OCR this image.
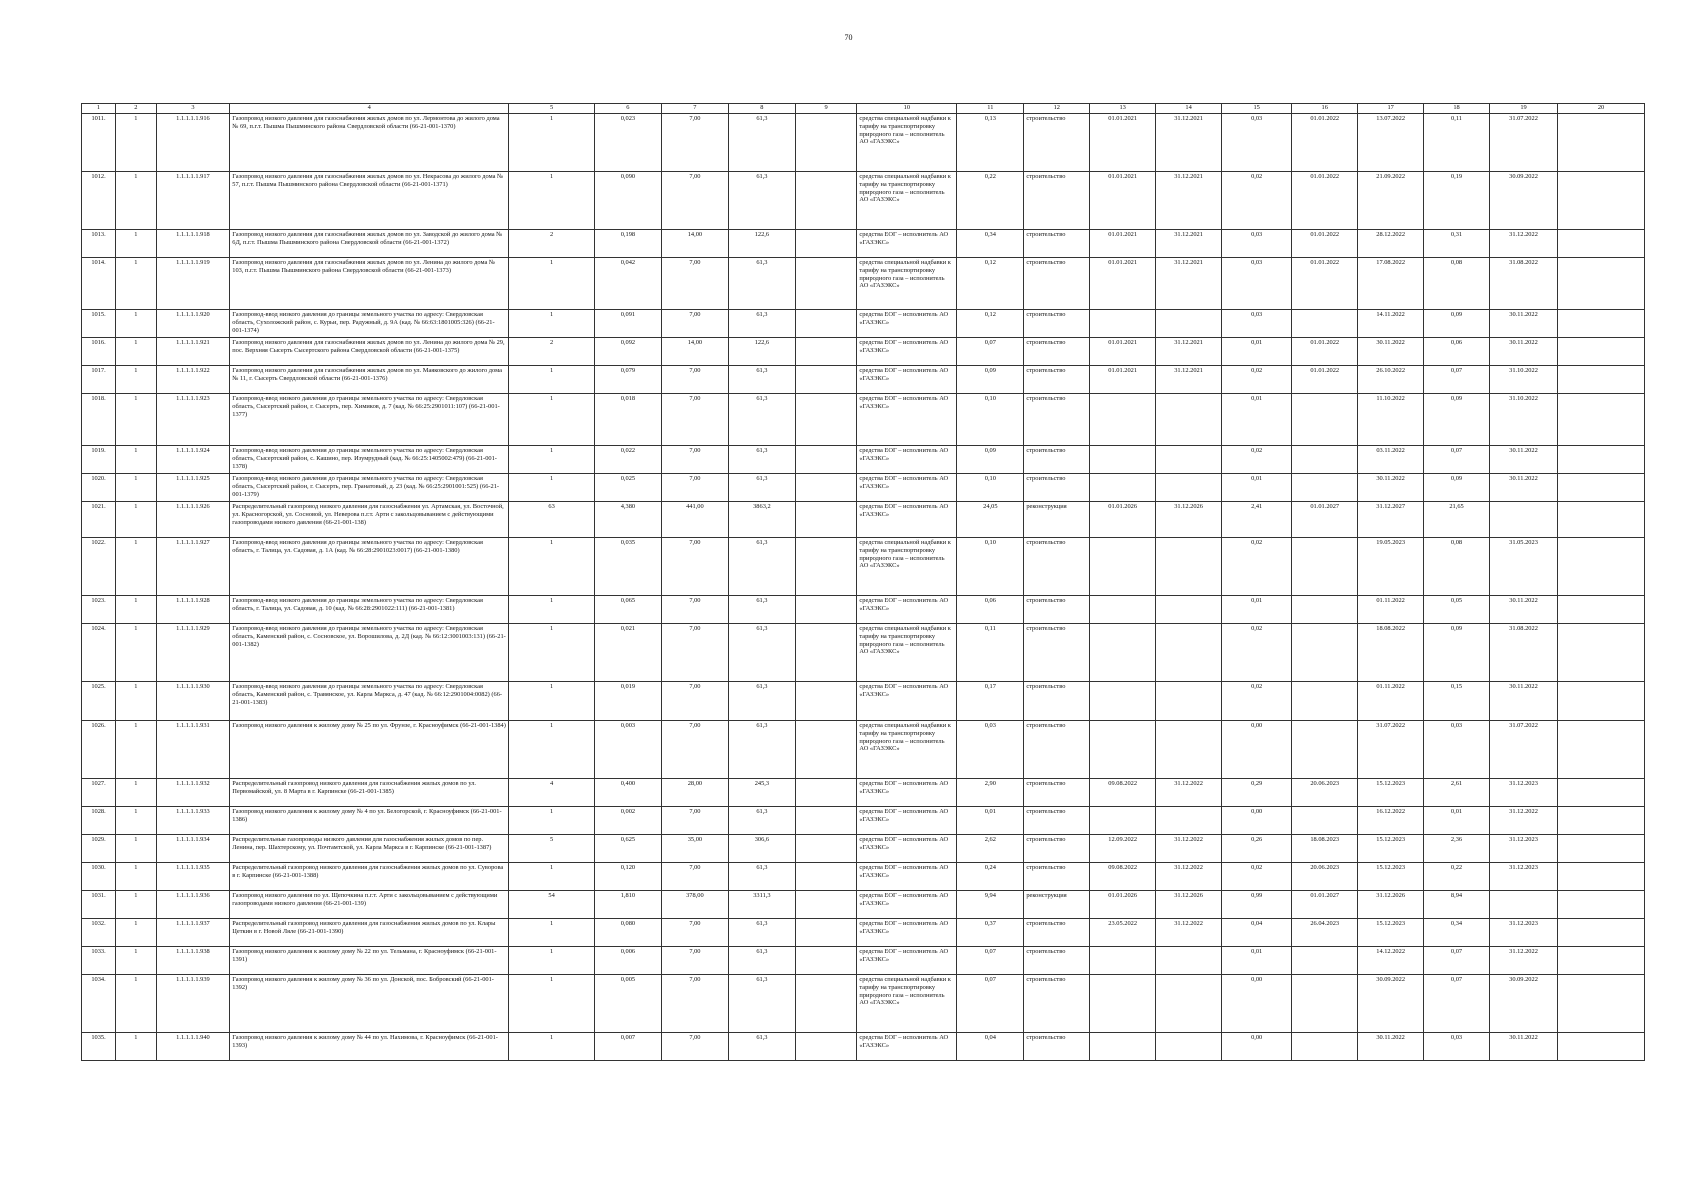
70
1	2	3	4	5	6	7	8	9	10	11	12	13	14	15	16	17	18	19	20
1011.	1	1.1.1.1.1.916	Газопровод низкого давления для газоснабжения жилых домов по ул. Лермонтова до жилого дома № 69, п.г.т. Пышма Пышминского района Свердловской области (66-21-001-1370)	1	0,023	7,00	61,3		средства специальной надбавки к тарифу на транспортировку природного газа – исполнитель АО «ГАЗЭКС»	0,13	строительство	01.01.2021	31.12.2021	0,03	01.01.2022	13.07.2022	0,11	31.07.2022	
1012.	1	1.1.1.1.1.917	Газопровод низкого давления для газоснабжения жилых домов по ул. Некрасова до жилого дома № 57, п.г.т. Пышма Пышминского района Свердловской области (66-21-001-1371)	1	0,090	7,00	61,3		средства специальной надбавки к тарифу на транспортировку природного газа – исполнитель АО «ГАЗЭКС»	0,22	строительство	01.01.2021	31.12.2021	0,02	01.01.2022	21.09.2022	0,19	30.09.2022	
1013.	1	1.1.1.1.1.918	Газопровод низкого давления для газоснабжения жилых домов по ул. Заводской до жилого дома № 6Д, п.г.т. Пышма Пышминского района Свердловской области (66-21-001-1372)	2	0,198	14,00	122,6		средства ЕОГ – исполнитель АО «ГАЗЭКС»	0,34	строительство	01.01.2021	31.12.2021	0,03	01.01.2022	28.12.2022	0,31	31.12.2022	
1014.	1	1.1.1.1.1.919	Газопровод низкого давления для газоснабжения жилых домов по ул. Ленина до жилого дома № 103, п.г.т. Пышма Пышминского района Свердловской области (66-21-001-1373)	1	0,042	7,00	61,3		средства специальной надбавки к тарифу на транспортировку природного газа – исполнитель АО «ГАЗЭКС»	0,12	строительство	01.01.2021	31.12.2021	0,03	01.01.2022	17.08.2022	0,08	31.08.2022	
1015.	1	1.1.1.1.1.920	Газопровод-ввод низкого давления до границы земельного участка по адресу: Свердловская область, Сухоложский район, с. Курьи, пер. Радужный, д. 9А (кад. № 66:63:1801005:326) (66-21-001-1374)	1	0,091	7,00	61,3		средства ЕОГ – исполнитель АО «ГАЗЭКС»	0,12	строительство			0,03		14.11.2022	0,09	30.11.2022	
1016.	1	1.1.1.1.1.921	Газопровод низкого давления для газоснабжения жилых домов по ул. Ленина до жилого дома № 29, пос. Верхняя Сысерть Сысертского района Свердловской области (66-21-001-1375)	2	0,092	14,00	122,6		средства ЕОГ – исполнитель АО «ГАЗЭКС»	0,07	строительство	01.01.2021	31.12.2021	0,01	01.01.2022	30.11.2022	0,06	30.11.2022	
1017.	1	1.1.1.1.1.922	Газопровод низкого давления для газоснабжения жилых домов по ул. Маяковского до жилого дома № 11, г. Сысерть Свердловской области (66-21-001-1376)	1	0,079	7,00	61,3		средства ЕОГ – исполнитель АО «ГАЗЭКС»	0,09	строительство	01.01.2021	31.12.2021	0,02	01.01.2022	26.10.2022	0,07	31.10.2022	
1018.	1	1.1.1.1.1.923	Газопровод-ввод низкого давления до границы земельного участка по адресу: Свердловская область, Сысертский район, г. Сысерть, пер. Химиков, д. 7 (кад. № 66:25:2901011:107) (66-21-001-1377)	1	0,018	7,00	61,3		средства ЕОГ – исполнитель АО «ГАЗЭКС»	0,10	строительство			0,01		11.10.2022	0,09	31.10.2022	
1019.	1	1.1.1.1.1.924	Газопровод-ввод низкого давления до границы земельного участка по адресу: Свердловская область, Сысертский район, с. Кашино, пер. Изумрудный (кад. № 66:25:1405002:479) (66-21-001-1378)	1	0,022	7,00	61,3		средства ЕОГ – исполнитель АО «ГАЗЭКС»	0,09	строительство			0,02		03.11.2022	0,07	30.11.2022	
1020.	1	1.1.1.1.1.925	Газопровод-ввод низкого давления до границы земельного участка по адресу: Свердловская область, Сысертский район, г. Сысерть, пер. Гранатовый, д. 23 (кад. № 66:25:2901001:525) (66-21-001-1379)	1	0,025	7,00	61,3		средства ЕОГ – исполнитель АО «ГАЗЭКС»	0,10	строительство			0,01		30.11.2022	0,09	30.11.2022	
1021.	1	1.1.1.1.1.926	Распределительный газопровод низкого давления для газоснабжения ул. Артамская, ул. Восточной, ул. Красногорской, ул. Сосновой, ул. Неверова п.г.т. Арти с закольцовыванием с действующими газопроводами низкого давления (66-21-001-138)	63	4,380	441,00	3863,2		средства ЕОГ – исполнитель АО «ГАЗЭКС»	24,05	реконструкция	01.01.2026	31.12.2026	2,41	01.01.2027	31.12.2027	21,65		
1022.	1	1.1.1.1.1.927	Газопровод-ввод низкого давления до границы земельного участка по адресу: Свердловская область, г. Талица, ул. Садовая, д. 1А (кад. № 66:28:2901023:0017) (66-21-001-1380)	1	0,035	7,00	61,3		средства специальной надбавки к тарифу на транспортировку природного газа – исполнитель АО «ГАЗЭКС»	0,10	строительство			0,02		19.05.2023	0,08	31.05.2023	
1023.	1	1.1.1.1.1.928	Газопровод-ввод низкого давления до границы земельного участка по адресу: Свердловская область, г. Талица, ул. Садовая, д. 10 (кад. № 66:28:2901022:111) (66-21-001-1381)	1	0,065	7,00	61,3		средства ЕОГ – исполнитель АО «ГАЗЭКС»	0,06	строительство			0,01		01.11.2022	0,05	30.11.2022	
1024.	1	1.1.1.1.1.929	Газопровод-ввод низкого давления до границы земельного участка по адресу: Свердловская область, Каменский район, с. Сосновское, ул. Ворошилова, д. 2Д (кад. № 66:12:3001003:131) (66-21-001-1382)	1	0,021	7,00	61,3		средства специальной надбавки к тарифу на транспортировку природного газа – исполнитель АО «ГАЗЭКС»	0,11	строительство			0,02		18.08.2022	0,09	31.08.2022	
1025.	1	1.1.1.1.1.930	Газопровод-ввод низкого давления до границы земельного участка по адресу: Свердловская область, Каменский район, с. Травянское, ул. Карла Маркса, д. 47 (кад. № 66:12:2901004:0082) (66-21-001-1383)	1	0,019	7,00	61,3		средства ЕОГ – исполнитель АО «ГАЗЭКС»	0,17	строительство			0,02		01.11.2022	0,15	30.11.2022	
1026.	1	1.1.1.1.1.931	Газопровод низкого давления к жилому дому № 25 по ул. Фрунзе, г. Красноуфимск (66-21-001-1384)	1	0,003	7,00	61,3		средства специальной надбавки к тарифу на транспортировку природного газа – исполнитель АО «ГАЗЭКС»	0,03	строительство			0,00		31.07.2022	0,03	31.07.2022	
1027.	1	1.1.1.1.1.932	Распределительный газопровод низкого давления для газоснабжения жилых домов по ул. Первомайской, ул. 8 Марта в г. Карпинске (66-21-001-1385)	4	0,400	28,00	245,3		средства ЕОГ – исполнитель АО «ГАЗЭКС»	2,90	строительство	09.08.2022	31.12.2022	0,29	20.06.2023	15.12.2023	2,61	31.12.2023	
1028.	1	1.1.1.1.1.933	Газопровод низкого давления к жилому дому № 4 по ул. Белогорской, г. Красноуфимск (66-21-001-1386)	1	0,002	7,00	61,3		средства ЕОГ – исполнитель АО «ГАЗЭКС»	0,01	строительство			0,00		16.12.2022	0,01	31.12.2022	
1029.	1	1.1.1.1.1.934	Распределительные газопроводы низкого давления для газоснабжения жилых домов по пер. Ленина, пер. Шахтерскому, ул. Почтамтской, ул. Карла Маркса в г. Карпинске (66-21-001-1387)	5	0,625	35,00	306,6		средства ЕОГ – исполнитель АО «ГАЗЭКС»	2,62	строительство	12.09.2022	31.12.2022	0,26	18.08.2023	15.12.2023	2,36	31.12.2023	
1030.	1	1.1.1.1.1.935	Распределительный газопровод низкого давления для газоснабжения жилых домов по ул. Суворова в г. Карпинске (66-21-001-1388)	1	0,120	7,00	61,3		средства ЕОГ – исполнитель АО «ГАЗЭКС»	0,24	строительство	09.08.2022	31.12.2022	0,02	20.06.2023	15.12.2023	0,22	31.12.2023	
1031.	1	1.1.1.1.1.936	Газопровод низкого давления по ул. Щепочкина п.г.т. Арти с закольцовыванием с действующими газопроводами низкого давления (66-21-001-139)	54	1,810	378,00	3311,3		средства ЕОГ – исполнитель АО «ГАЗЭКС»	9,94	реконструкция	01.01.2026	31.12.2026	0,99	01.01.2027	31.12.2026	8,94		
1032.	1	1.1.1.1.1.937	Распределительный газопровод низкого давления для газоснабжения жилых домов по ул. Клары Цеткин в г. Новой Ляле (66-21-001-1390)	1	0,080	7,00	61,3		средства ЕОГ – исполнитель АО «ГАЗЭКС»	0,37	строительство	23.05.2022	31.12.2022	0,04	26.04.2023	15.12.2023	0,34	31.12.2023	
1033.	1	1.1.1.1.1.938	Газопровод низкого давления к жилому дому № 22 по ул. Тельмана, г. Красноуфимск (66-21-001-1391)	1	0,006	7,00	61,3		средства ЕОГ – исполнитель АО «ГАЗЭКС»	0,07	строительство			0,01		14.12.2022	0,07	31.12.2022	
1034.	1	1.1.1.1.1.939	Газопровод низкого давления к жилому дому № 36 по ул. Донской, пос. Бобровский (66-21-001-1392)	1	0,005	7,00	61,3		средства специальной надбавки к тарифу на транспортировку природного газа – исполнитель АО «ГАЗЭКС»	0,07	строительство			0,00		30.09.2022	0,07	30.09.2022	
1035.	1	1.1.1.1.1.940	Газопровод низкого давления к жилому дому № 44 по ул. Нахимова, г. Красноуфимск (66-21-001-1393)	1	0,007	7,00	61,3		средства ЕОГ – исполнитель АО «ГАЗЭКС»	0,04	строительство			0,00		30.11.2022	0,03	30.11.2022	
